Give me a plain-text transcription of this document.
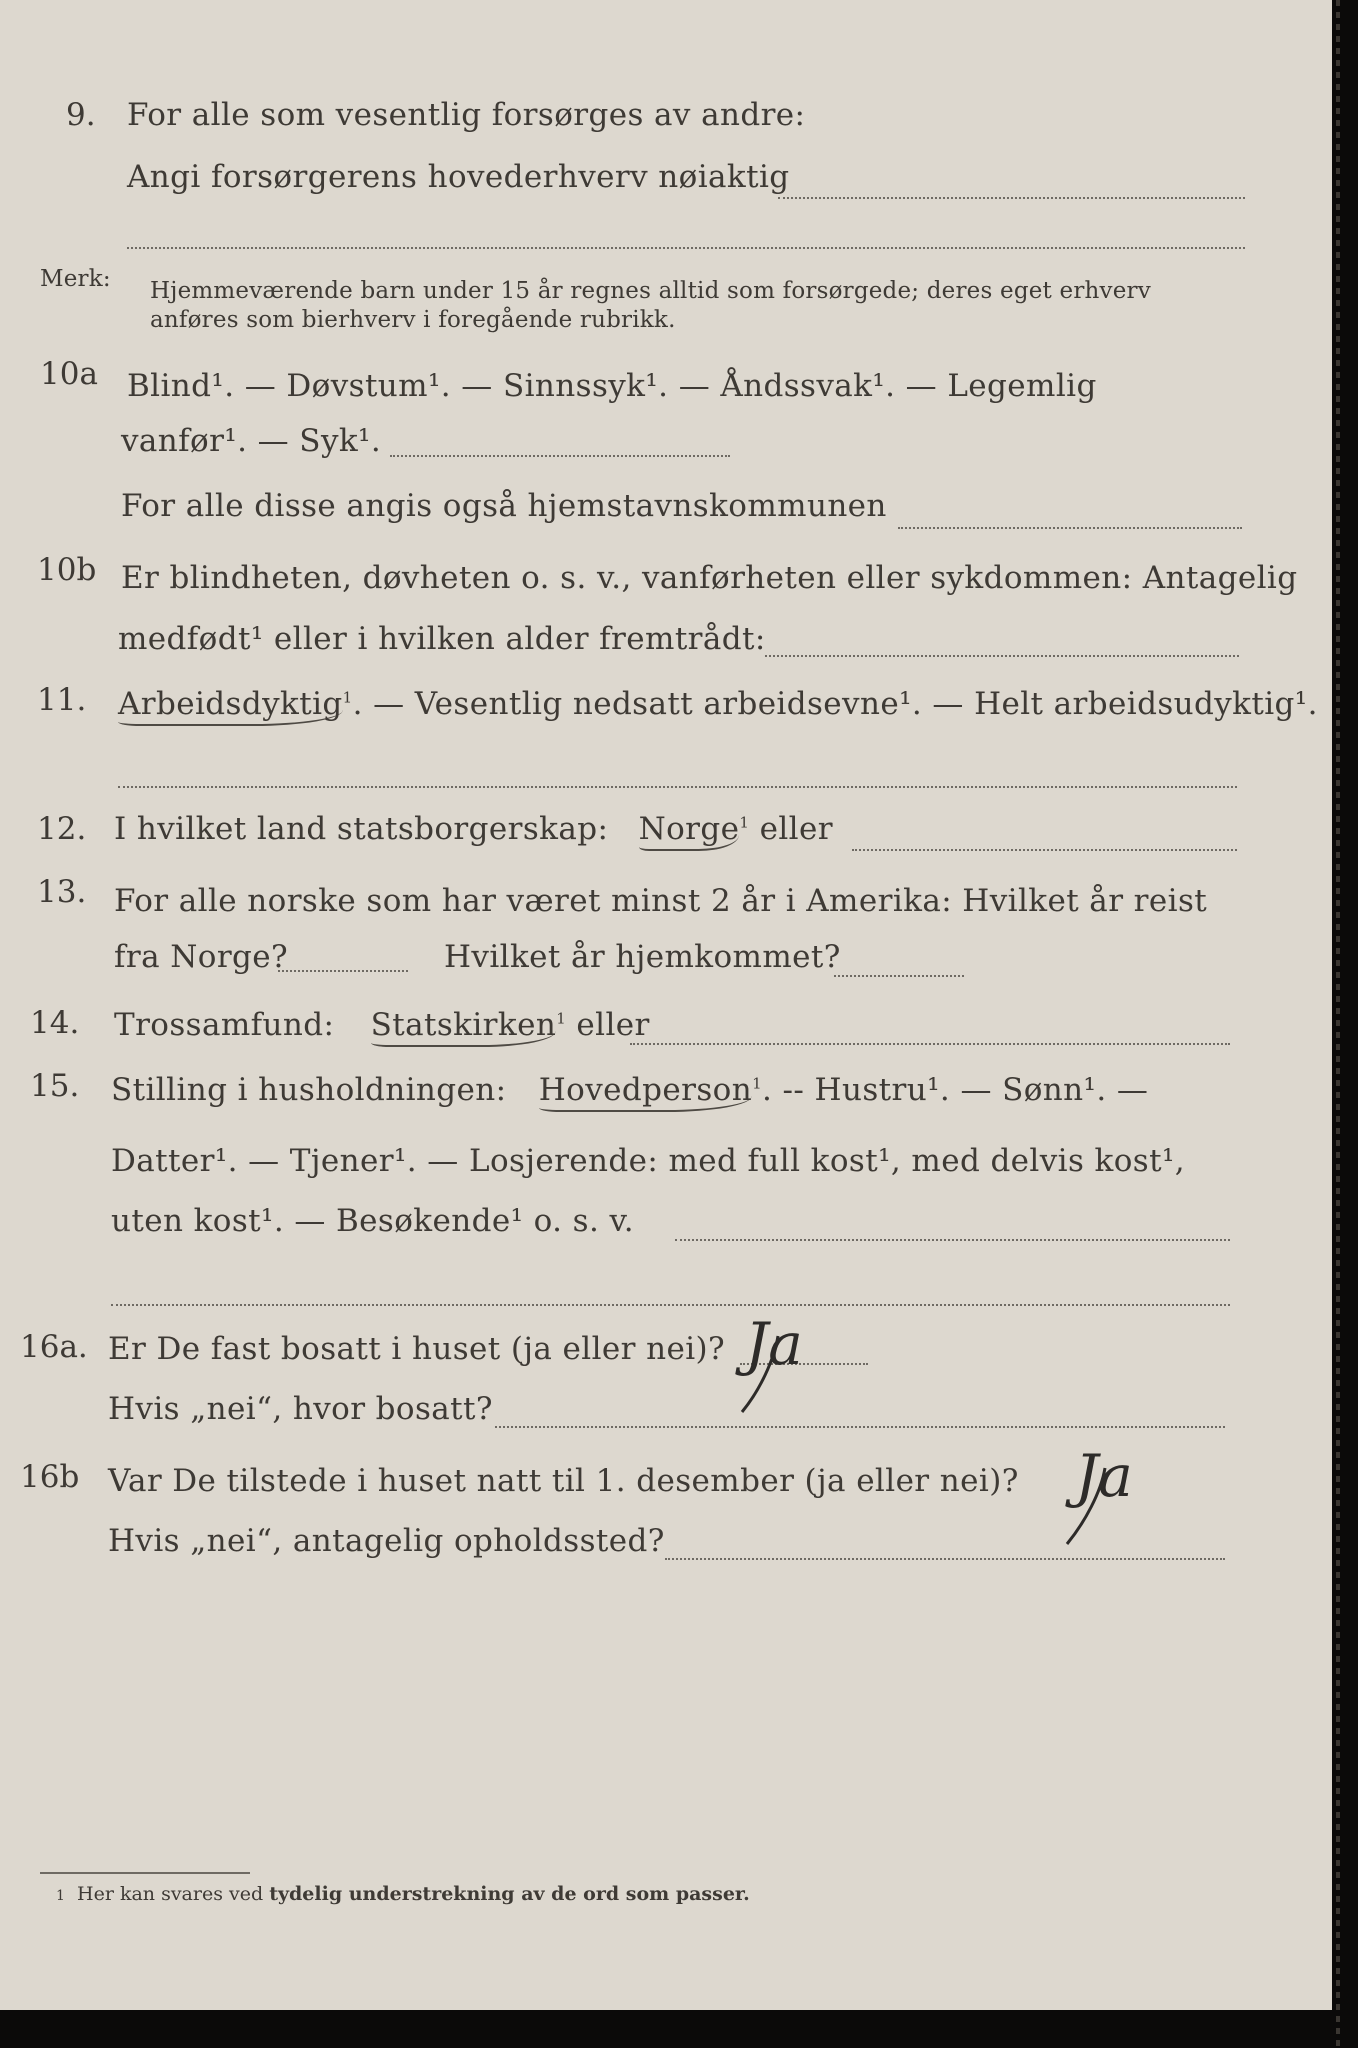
9. For alle som vesentlig forsørges av andre:
Angi forsørgerens hovederhverv nøiaktig
Merk: Hjemmeværende barn under 15 år regnes alltid som forsørgede; deres eget erhverv
anføres som bierhverv i foregående rubrikk.
10a Blind¹. — Døvstum¹. — Sinnssyk¹. — Åndssvak¹. — Legemlig
vanfør¹. — Syk¹.
For alle disse angis også hjemstavnskommunen
10b Er blindheten, døvheten o. s. v., vanførheten eller sykdommen: Antagelig
medfødt¹ eller i hvilken alder fremtrådt:
11. Arbeidsdyktig$^1$. — Vesentlig nedsatt arbeidsevne¹. — Helt arbeidsudyktig¹.
12. I hvilket land statsborgerskap: Norge$^1$ eller
13. For alle norske som har været minst 2 år i Amerika: Hvilket år reist
fra Norge?	Hvilket år hjemkommet?
14. Trossamfund: Statskirken$^1$ eller
15. Stilling i husholdningen: Hovedperson$^1$. -- Hustru¹. — Sønn¹. —
Datter¹. — Tjener¹. — Losjerende: med full kost¹, med delvis kost¹,
uten kost¹. — Besøkende¹ o. s. v.
16a. Er De fast bosatt i huset (ja eller nei)? Ja
Hvis „nei“, hvor bosatt?
16b Var De tilstede i huset natt til 1. desember (ja eller nei)? Ja
Hvis „nei“, antagelig opholdssted?
1 Her kan svares ved tydelig understrekning av de ord som passer.
